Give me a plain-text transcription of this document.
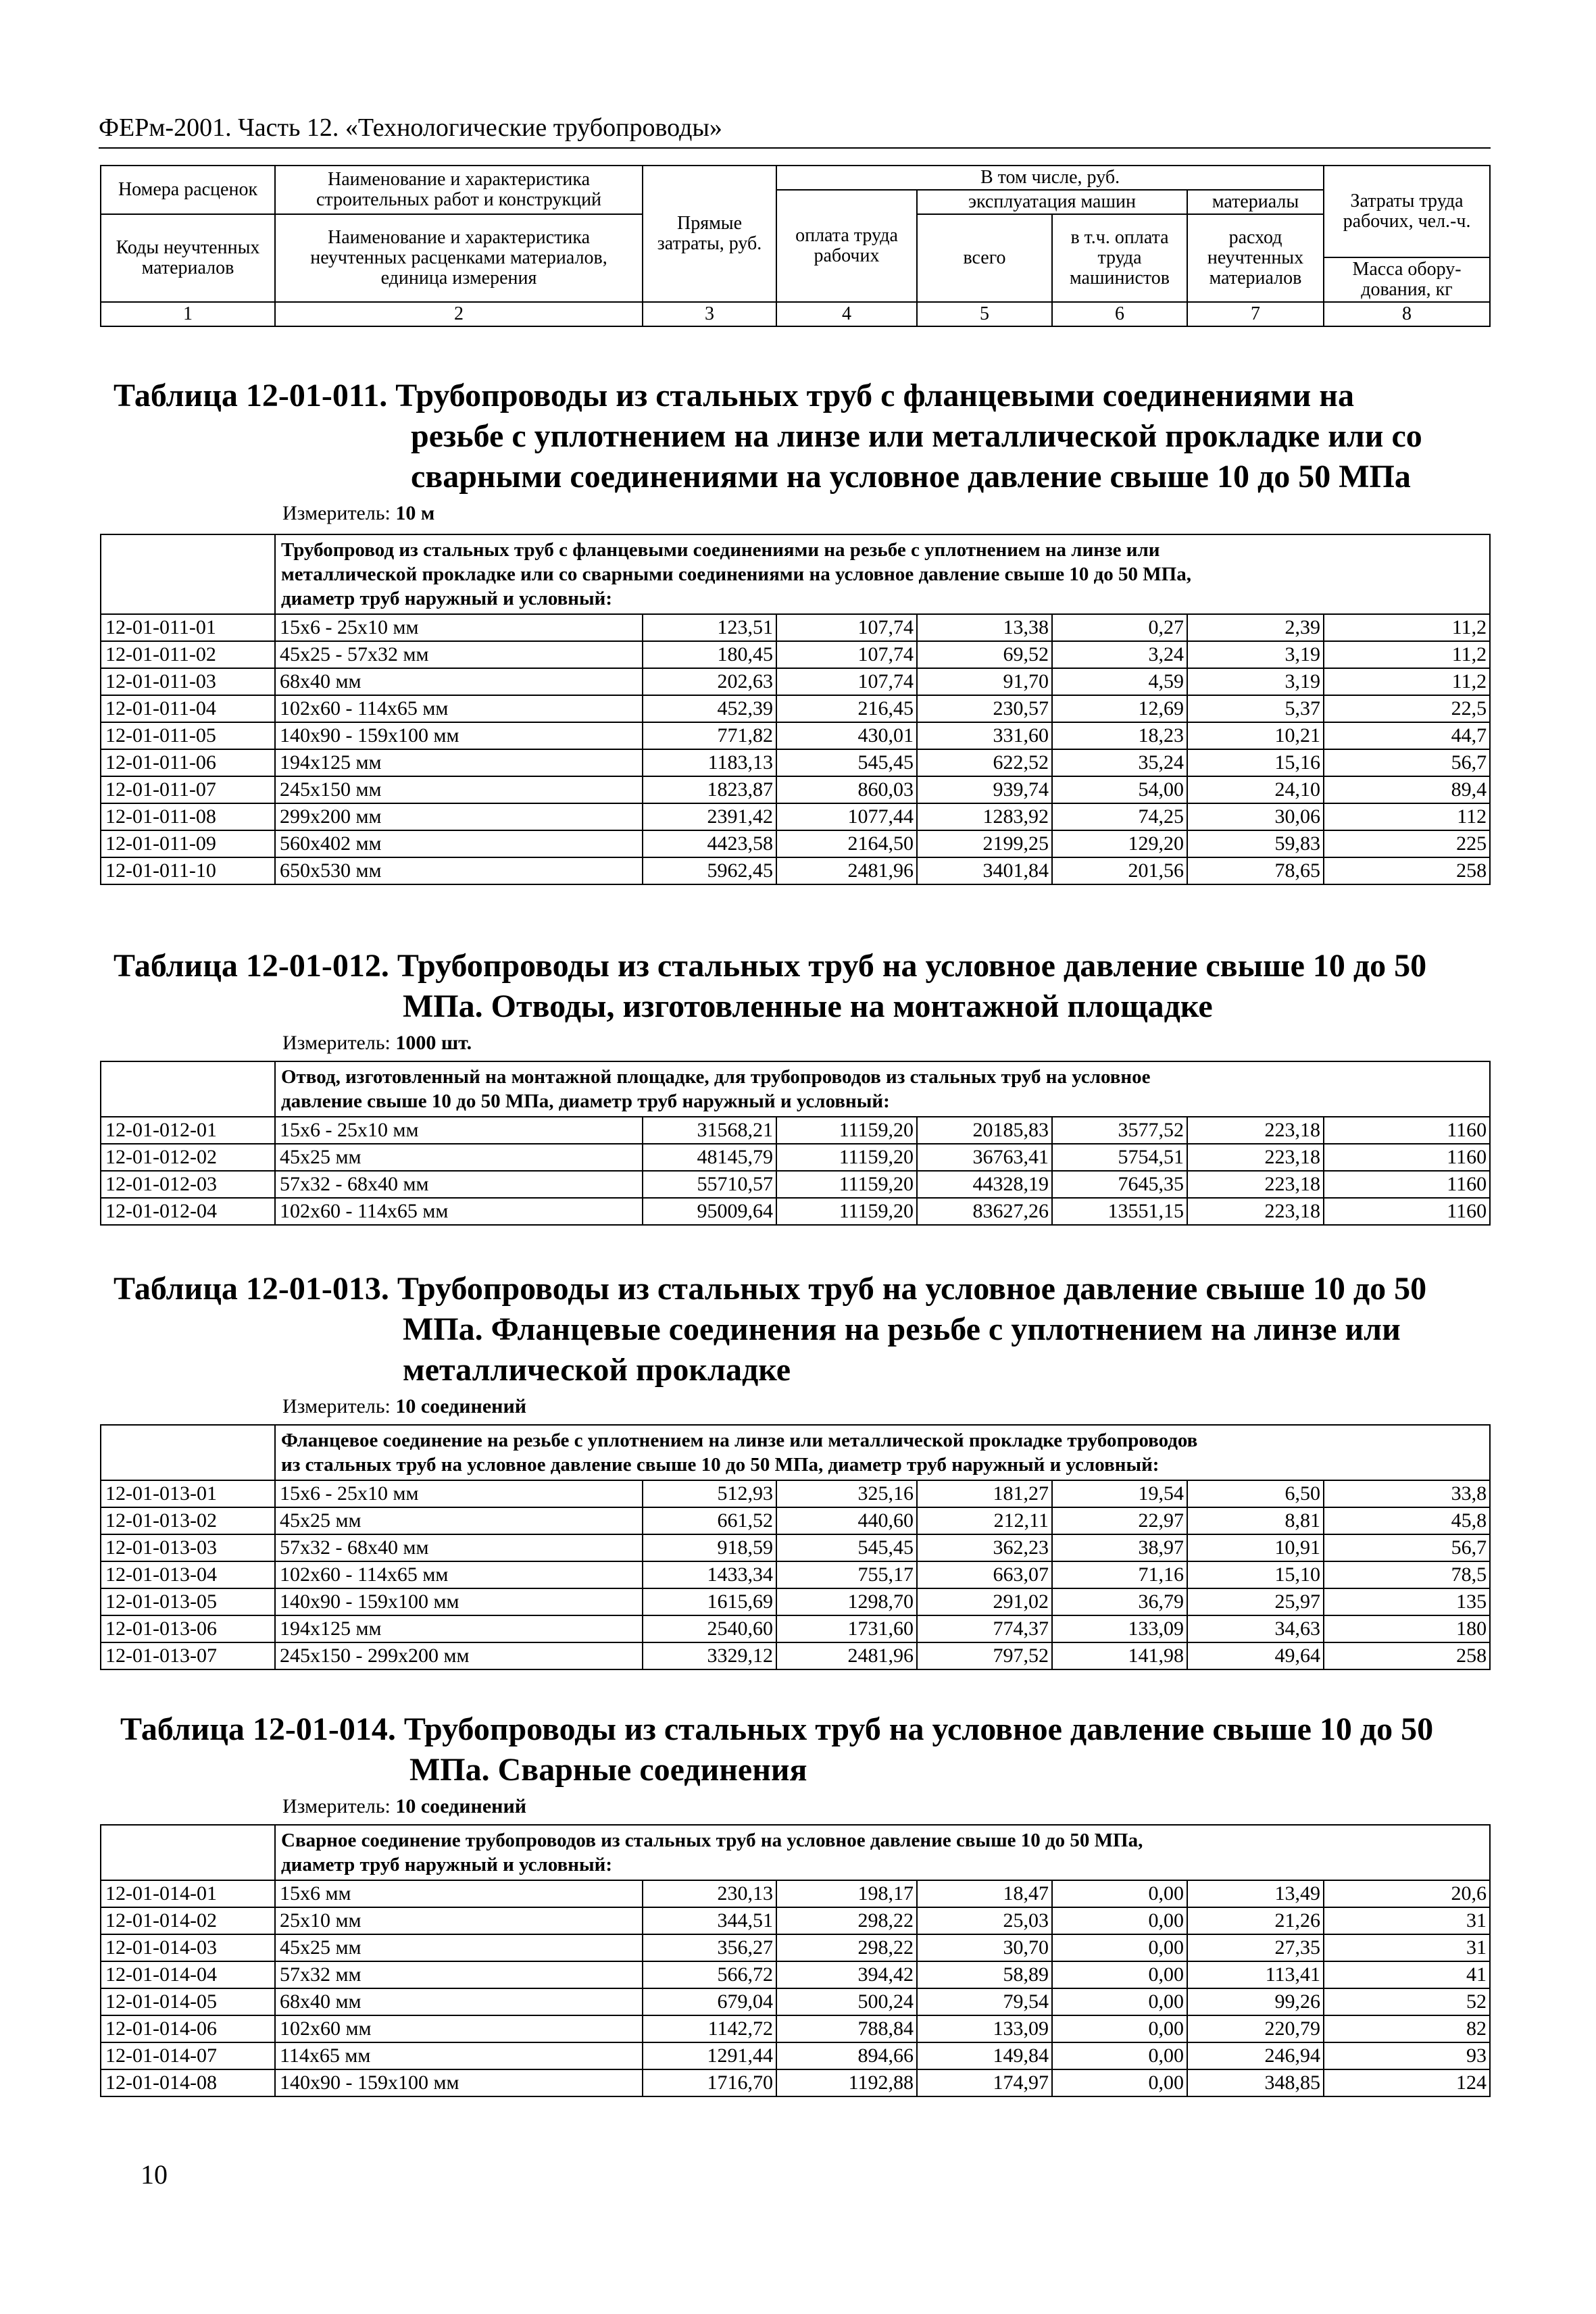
ФЕРм-2001. Часть 12. «Технологические трубопроводы»
Номера расценок	Наименование и характеристика строительных работ и конструкций	Прямые затраты, руб.	В том числе, руб.				Затраты труда рабочих, чел.-ч.
			оплата труда рабочих	эксплуатация машин		материалы	
Коды неучтенных материалов	Наименование и характеристика неучтенных расценками материалов, единица измерения			всего	в т.ч. оплата труда машинистов	расход неучтенных материалов	
							Масса обору-дования, кг
1	2	3	4	5	6	7	8
Таблица 12-01-011. Трубопроводы из стальных труб с фланцевыми соединениями на
резьбе с уплотнением на линзе или металлической прокладке или со
сварными соединениями на условное давление свыше 10 до 50 МПа
Измеритель: 10 м

	Трубопровод из стальных труб с фланцевыми соединениями на резьбе с уплотнением на линзе или
металлической прокладке или со сварными соединениями на условное давление свыше 10 до 50 МПа,
диаметр труб наружный и условный:						

12-01-011-01	15х6 - 25х10 мм	123,51	107,74	13,38	0,27	2,39	11,2
12-01-011-02	45х25 - 57х32 мм	180,45	107,74	69,52	3,24	3,19	11,2
12-01-011-03	68х40 мм	202,63	107,74	91,70	4,59	3,19	11,2
12-01-011-04	102х60 - 114х65 мм	452,39	216,45	230,57	12,69	5,37	22,5
12-01-011-05	140х90 - 159х100 мм	771,82	430,01	331,60	18,23	10,21	44,7
12-01-011-06	194х125 мм	1183,13	545,45	622,52	35,24	15,16	56,7
12-01-011-07	245х150 мм	1823,87	860,03	939,74	54,00	24,10	89,4
12-01-011-08	299х200 мм	2391,42	1077,44	1283,92	74,25	30,06	112
12-01-011-09	560х402 мм	4423,58	2164,50	2199,25	129,20	59,83	225
12-01-011-10	650х530 мм	5962,45	2481,96	3401,84	201,56	78,65	258
Таблица 12-01-012. Трубопроводы из стальных труб на условное давление свыше 10 до 50
МПа. Отводы, изготовленные на монтажной площадке
Измеритель: 1000 шт.

	Отвод, изготовленный на монтажной площадке, для трубопроводов из стальных труб на условное
давление свыше 10 до 50 МПа, диаметр труб наружный и условный:						

12-01-012-01	15х6 - 25х10 мм	31568,21	11159,20	20185,83	3577,52	223,18	1160
12-01-012-02	45х25 мм	48145,79	11159,20	36763,41	5754,51	223,18	1160
12-01-012-03	57х32 - 68х40 мм	55710,57	11159,20	44328,19	7645,35	223,18	1160
12-01-012-04	102х60 - 114х65 мм	95009,64	11159,20	83627,26	13551,15	223,18	1160
Таблица 12-01-013. Трубопроводы из стальных труб на условное давление свыше 10 до 50
МПа. Фланцевые соединения на резьбе с уплотнением на линзе или
металлической прокладке
Измеритель: 10 соединений

	Фланцевое соединение на резьбе с уплотнением на линзе или металлической прокладке трубопроводов
из стальных труб на условное давление свыше 10 до 50 МПа, диаметр труб наружный и условный:						

12-01-013-01	15х6 - 25х10 мм	512,93	325,16	181,27	19,54	6,50	33,8
12-01-013-02	45х25 мм	661,52	440,60	212,11	22,97	8,81	45,8
12-01-013-03	57х32 - 68х40 мм	918,59	545,45	362,23	38,97	10,91	56,7
12-01-013-04	102х60 - 114х65 мм	1433,34	755,17	663,07	71,16	15,10	78,5
12-01-013-05	140х90 - 159х100 мм	1615,69	1298,70	291,02	36,79	25,97	135
12-01-013-06	194х125 мм	2540,60	1731,60	774,37	133,09	34,63	180
12-01-013-07	245х150 - 299х200 мм	3329,12	2481,96	797,52	141,98	49,64	258
Таблица 12-01-014. Трубопроводы из стальных труб на условное давление свыше 10 до 50
МПа. Сварные соединения
Измеритель: 10 соединений

	Сварное соединение трубопроводов из стальных труб на условное давление свыше 10 до 50 МПа,
диаметр труб наружный и условный:						

12-01-014-01	15х6 мм	230,13	198,17	18,47	0,00	13,49	20,6
12-01-014-02	25х10 мм	344,51	298,22	25,03	0,00	21,26	31
12-01-014-03	45х25 мм	356,27	298,22	30,70	0,00	27,35	31
12-01-014-04	57х32 мм	566,72	394,42	58,89	0,00	113,41	41
12-01-014-05	68х40 мм	679,04	500,24	79,54	0,00	99,26	52
12-01-014-06	102х60 мм	1142,72	788,84	133,09	0,00	220,79	82
12-01-014-07	114х65 мм	1291,44	894,66	149,84	0,00	246,94	93
12-01-014-08	140х90 - 159х100 мм	1716,70	1192,88	174,97	0,00	348,85	124
10
